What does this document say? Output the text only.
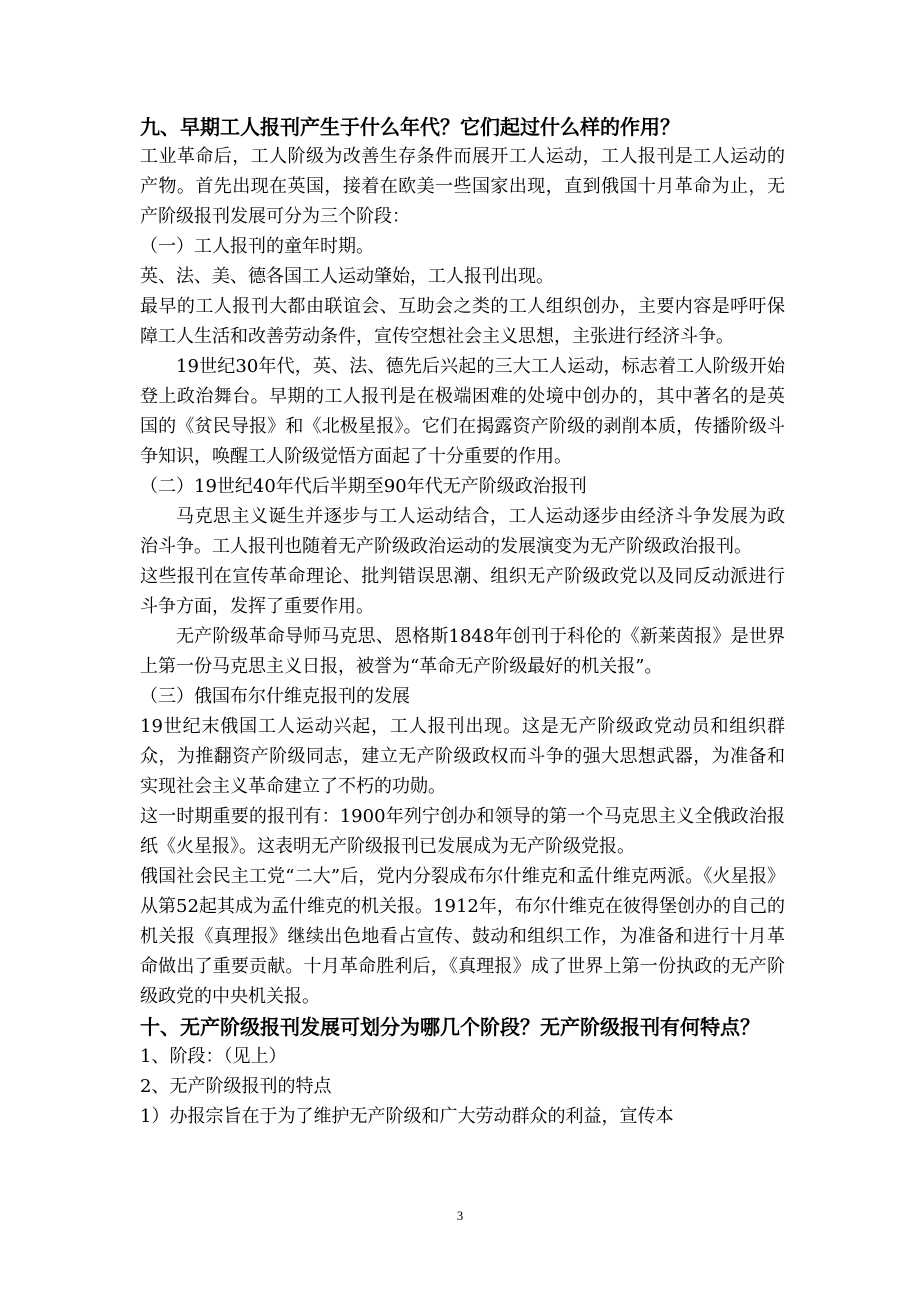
九、早期工人报刊产生于什么年代？它们起过什么样的作用？

工业革命后，工人阶级为改善生存条件而展开工人运动，工人报刊是工人运动的产物。首先出现在英国，接着在欧美一些国家出现，直到俄国十月革命为止，无产阶级报刊发展可分为三个阶段：

（一）工人报刊的童年时期。

英、法、美、德各国工人运动肇始，工人报刊出现。

最早的工人报刊大都由联谊会、互助会之类的工人组织创办，主要内容是呼吁保障工人生活和改善劳动条件，宣传空想社会主义思想，主张进行经济斗争。

19世纪30年代，英、法、德先后兴起的三大工人运动，标志着工人阶级开始登上政治舞台。早期的工人报刊是在极端困难的处境中创办的，其中著名的是英国的《贫民导报》和《北极星报》。它们在揭露资产阶级的剥削本质，传播阶级斗争知识，唤醒工人阶级觉悟方面起了十分重要的作用。

（二）19世纪40年代后半期至90年代无产阶级政治报刊

马克思主义诞生并逐步与工人运动结合，工人运动逐步由经济斗争发展为政治斗争。工人报刊也随着无产阶级政治运动的发展演变为无产阶级政治报刊。

这些报刊在宣传革命理论、批判错误思潮、组织无产阶级政党以及同反动派进行斗争方面，发挥了重要作用。

无产阶级革命导师马克思、恩格斯1848年创刊于科伦的《新莱茵报》是世界上第一份马克思主义日报，被誉为“革命无产阶级最好的机关报”。

（三）俄国布尔什维克报刊的发展

19世纪末俄国工人运动兴起，工人报刊出现。这是无产阶级政党动员和组织群众，为推翻资产阶级同志，建立无产阶级政权而斗争的强大思想武器，为准备和实现社会主义革命建立了不朽的功勋。

这一时期重要的报刊有：1900年列宁创办和领导的第一个马克思主义全俄政治报纸《火星报》。这表明无产阶级报刊已发展成为无产阶级党报。

俄国社会民主工党“二大”后，党内分裂成布尔什维克和孟什维克两派。《火星报》从第52起其成为孟什维克的机关报。1912年，布尔什维克在彼得堡创办的自己的机关报《真理报》继续出色地看占宣传、鼓动和组织工作，为准备和进行十月革命做出了重要贡献。十月革命胜利后，《真理报》成了世界上第一份执政的无产阶级政党的中央机关报。

十、无产阶级报刊发展可划分为哪几个阶段？无产阶级报刊有何特点？

1、阶段：（见上）

2、无产阶级报刊的特点

1）办报宗旨在于为了维护无产阶级和广大劳动群众的利益，宣传本

3
